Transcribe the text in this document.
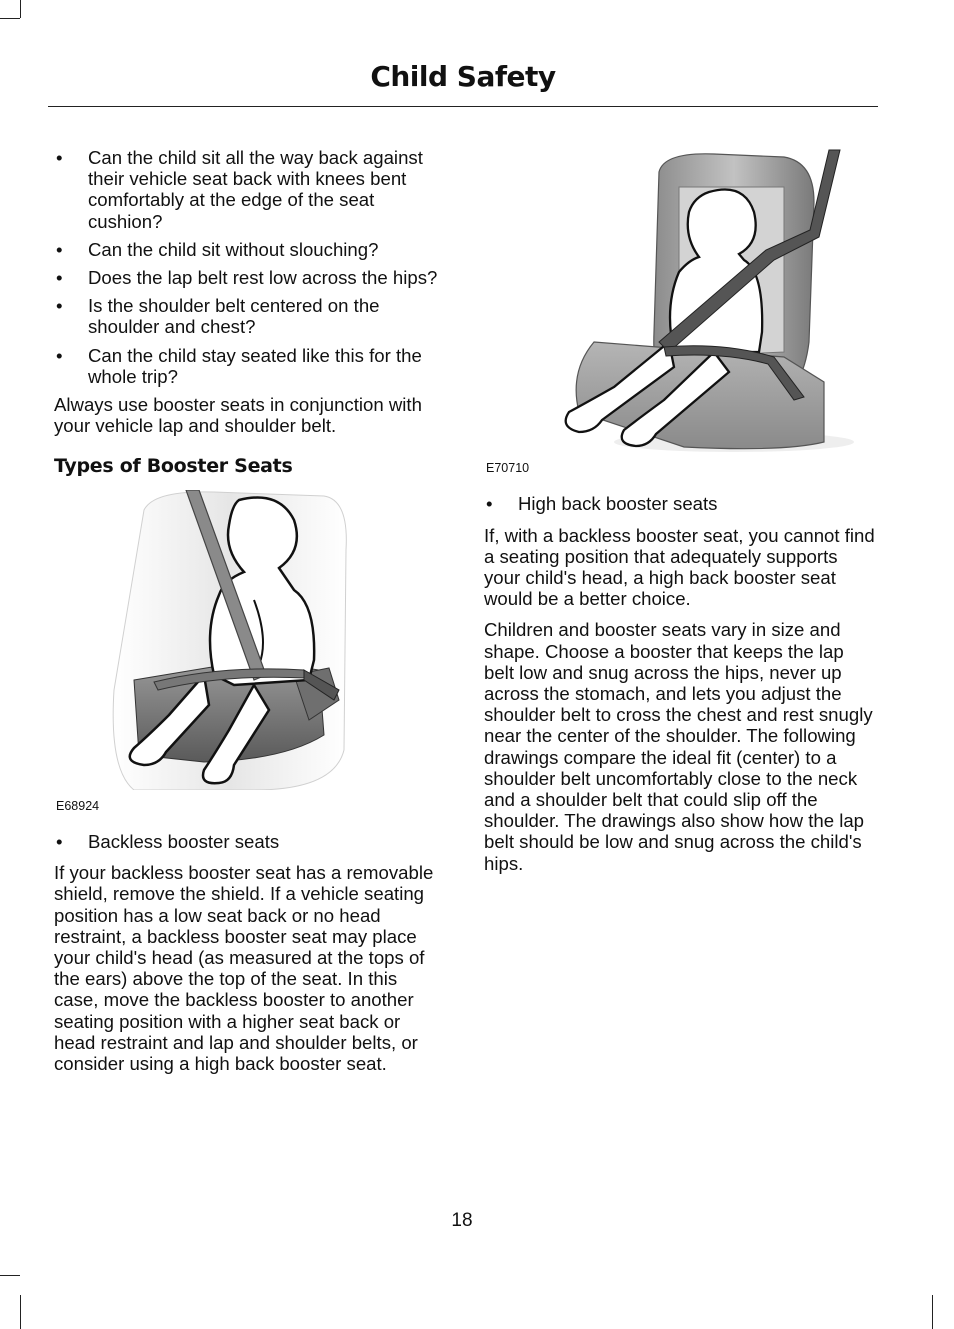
Child Safety
• Can the child sit all the way back against their vehicle seat back with knees bent comfortably at the edge of the seat cushion?
• Can the child sit without slouching?
• Does the lap belt rest low across the hips?
• Is the shoulder belt centered on the shoulder and chest?
• Can the child stay seated like this for the whole trip?

Always use booster seats in conjunction with your vehicle lap and shoulder belt.

Types of Booster Seats
E68924
• Backless booster seats

If your backless booster seat has a removable shield, remove the shield. If a vehicle seating position has a low seat back or no head restraint, a backless booster seat may place your child's head (as measured at the tops of the ears) above the top of the seat. In this case, move the backless booster to another seating position with a higher seat back or head restraint and lap and shoulder belts, or consider using a high back booster seat.

E70710
• High back booster seats

If, with a backless booster seat, you cannot find a seating position that adequately supports your child's head, a high back booster seat would be a better choice.

Children and booster seats vary in size and shape. Choose a booster that keeps the lap belt low and snug across the hips, never up across the stomach, and lets you adjust the shoulder belt to cross the chest and rest snugly near the center of the shoulder. The following drawings compare the ideal fit (center) to a shoulder belt uncomfortably close to the neck and a shoulder belt that could slip off the shoulder. The drawings also show how the lap belt should be low and snug across the child's hips.

18
